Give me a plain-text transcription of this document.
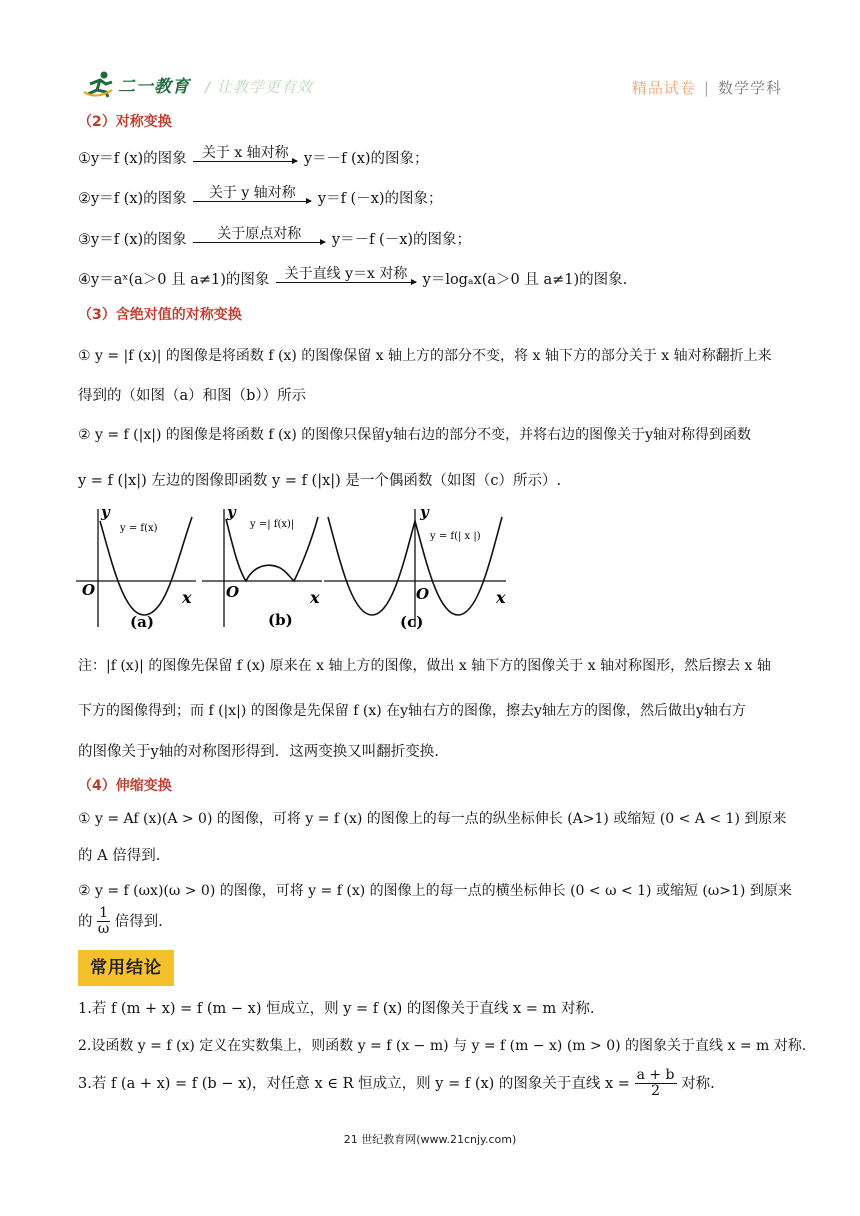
二一教育 / 让教学更有效	精品试卷 | 数学学科
（2）对称变换
①y＝f (x)的图象	关于 x 轴对称	y＝－f (x)的图象；
②y＝f (x)的图象	关于 y 轴对称	y＝f (－x)的图象；
③y＝f (x)的图象	关于原点对称	y＝－f (－x)的图象；
④y＝aˣ(a＞0 且 a≠1)的图象	关于直线 y＝x 对称	y＝logₐx(a＞0 且 a≠1)的图象.
（3）含绝对值的对称变换
① y = |f (x)| 的图像是将函数 f (x) 的图像保留 x 轴上方的部分不变，将 x 轴下方的部分关于 x 轴对称翻折上来
得到的（如图（a）和图（b））所示
② y = f (|x|) 的图像是将函数 f (x) 的图像只保留y轴右边的部分不变，并将右边的图像关于y轴对称得到函数
y = f (|x|) 左边的图像即函数 y = f (|x|) 是一个偶函数（如图（c）所示）.
y = f(x)
y
O	x
(a)
y =| f(x)|
y
O	x
(b)
y = f(| x |)
y
O	x
(c)
注：|f (x)| 的图像先保留 f (x) 原来在 x 轴上方的图像，做出 x 轴下方的图像关于 x 轴对称图形，然后擦去 x 轴
下方的图像得到；而 f (|x|) 的图像是先保留 f (x) 在y轴右方的图像，擦去y轴左方的图像，然后做出y轴右方
的图像关于y轴的对称图形得到．这两变换又叫翻折变换.
（4）伸缩变换
① y = Af (x)(A > 0) 的图像，可将 y = f (x) 的图像上的每一点的纵坐标伸长 (A>1) 或缩短 (0 < A < 1) 到原来
的 A 倍得到.
② y = f (ωx)(ω > 0) 的图像，可将 y = f (x) 的图像上的每一点的横坐标伸长 (0 < ω < 1) 或缩短 (ω>1) 到原来
的 $\frac{1}{\omega}$ 倍得到.
常用结论
1.若 f (m + x) = f (m − x) 恒成立，则 y = f (x) 的图像关于直线 x = m 对称.
2.设函数 y = f (x) 定义在实数集上，则函数 y = f (x − m) 与 y = f (m − x) (m > 0) 的图象关于直线 x = m 对称.
3.若 f (a + x) = f (b − x)，对任意 x ∈ R 恒成立，则 y = f (x) 的图象关于直线 $x = \frac{a + b}{2}$ 对称.
21 世纪教育网(www.21cnjy.com)
